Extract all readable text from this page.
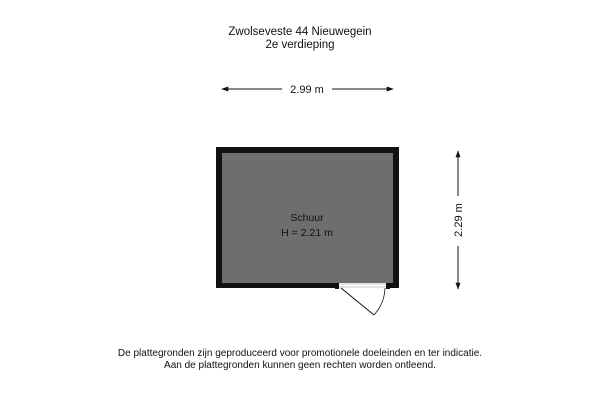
Zwolseveste 44 Nieuwegein
2e verdieping
2.99 m
2.29 m
Schuur
H = 2.21 m
De plattegronden zijn geproduceerd voor promotionele doeleinden en ter indicatie.
Aan de plattegronden kunnen geen rechten worden ontleend.
